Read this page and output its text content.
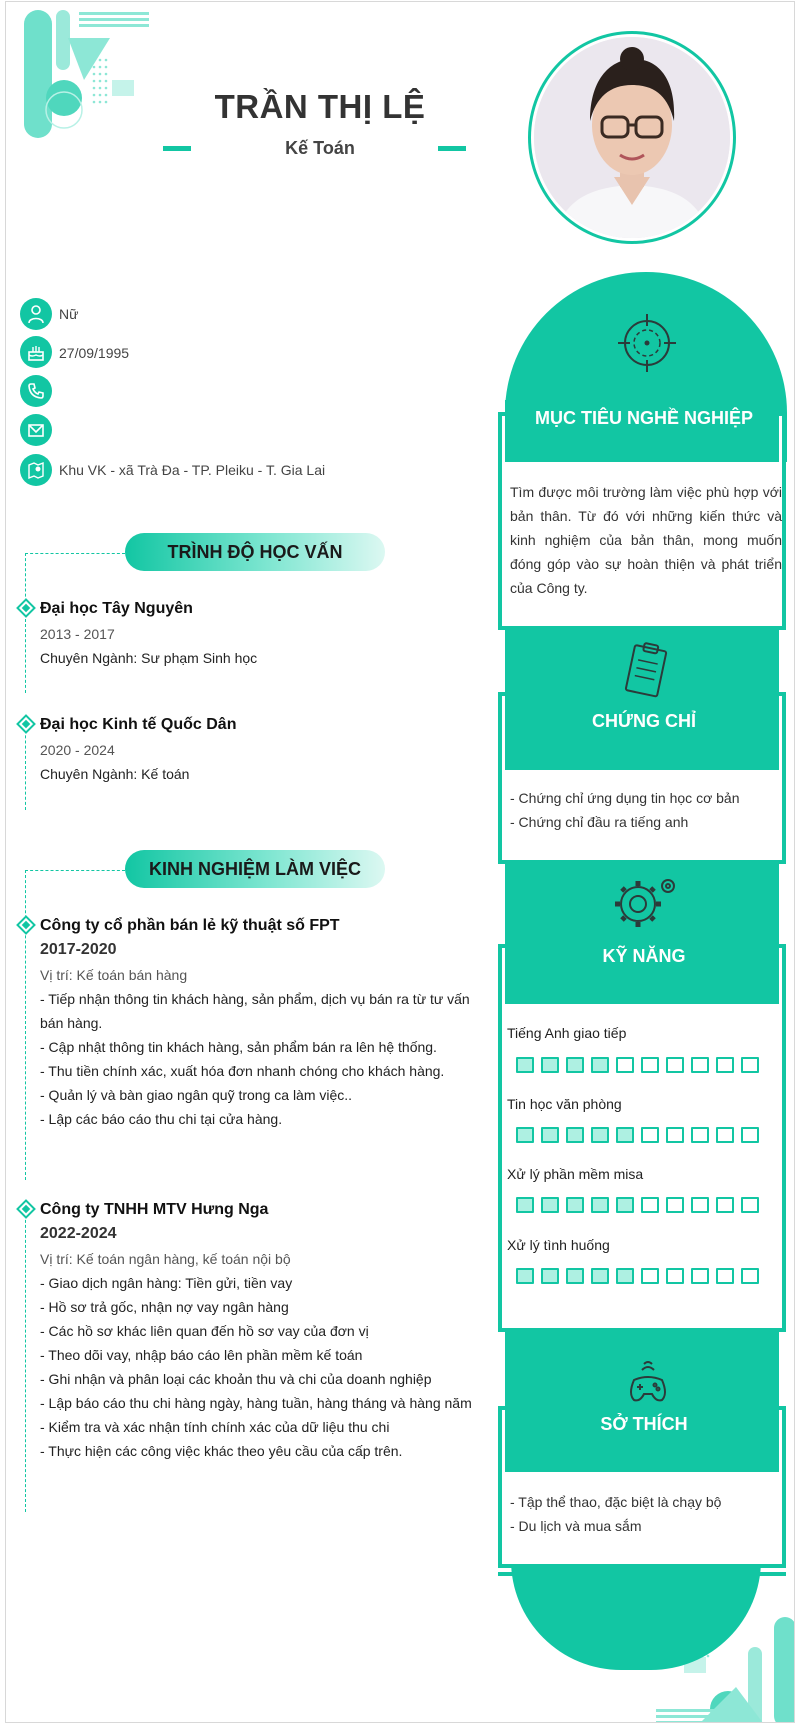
TRẦN THỊ LỆ
Kế Toán
Nữ
27/09/1995
Khu VK - xã Trà Đa - TP. Pleiku - T. Gia Lai
TRÌNH ĐỘ HỌC VẤN
Đại học Tây Nguyên
2013 - 2017
Chuyên Ngành: Sư phạm Sinh học
Đại học Kinh tế Quốc Dân
2020 - 2024
Chuyên Ngành: Kế toán
KINH NGHIỆM LÀM VIỆC
Công ty cổ phần bán lẻ kỹ thuật số FPT
2017-2020
Vị trí: Kế toán bán hàng
- Tiếp nhận thông tin khách hàng, sản phẩm, dịch vụ bán ra từ tư vấn
bán hàng.
- Cập nhật thông tin khách hàng, sản phẩm bán ra lên hệ thống.
- Thu tiền chính xác, xuất hóa đơn nhanh chóng cho khách hàng.
- Quản lý và bàn giao ngân quỹ trong ca làm việc..
- Lập các báo cáo thu chi tại cửa hàng.
Công ty TNHH MTV Hưng Nga
2022-2024
Vị trí: Kế toán ngân hàng, kế toán nội bộ
- Giao dịch ngân hàng: Tiền gửi, tiền vay
- Hồ sơ trả gốc, nhận nợ vay ngân hàng
- Các hồ sơ khác liên quan đến hồ sơ vay của đơn vị
- Theo dõi vay, nhập báo cáo lên phần mềm kế toán
- Ghi nhận và phân loại các khoản thu và chi của doanh nghiệp
- Lập báo cáo thu chi hàng ngày, hàng tuần, hàng tháng và hàng năm
- Kiểm tra và xác nhận tính chính xác của dữ liệu thu chi
- Thực hiện các công việc khác theo yêu cầu của cấp trên.
MỤC TIÊU NGHỀ NGHIỆP
Tìm được môi trường làm việc phù hợp với bản thân. Từ đó với những kiến thức và kinh nghiệm của bản thân, mong muốn đóng góp vào sự hoàn thiện và phát triển của Công ty.
CHỨNG CHỈ
- Chứng chỉ ứng dụng tin học cơ bản
- Chứng chỉ đầu ra tiếng anh
KỸ NĂNG
Tiếng Anh giao tiếp
Tin học văn phòng
Xử lý phần mềm misa
Xử lý tình huống
SỞ THÍCH
- Tập thể thao, đặc biệt là chạy bộ
- Du lịch và mua sắm
